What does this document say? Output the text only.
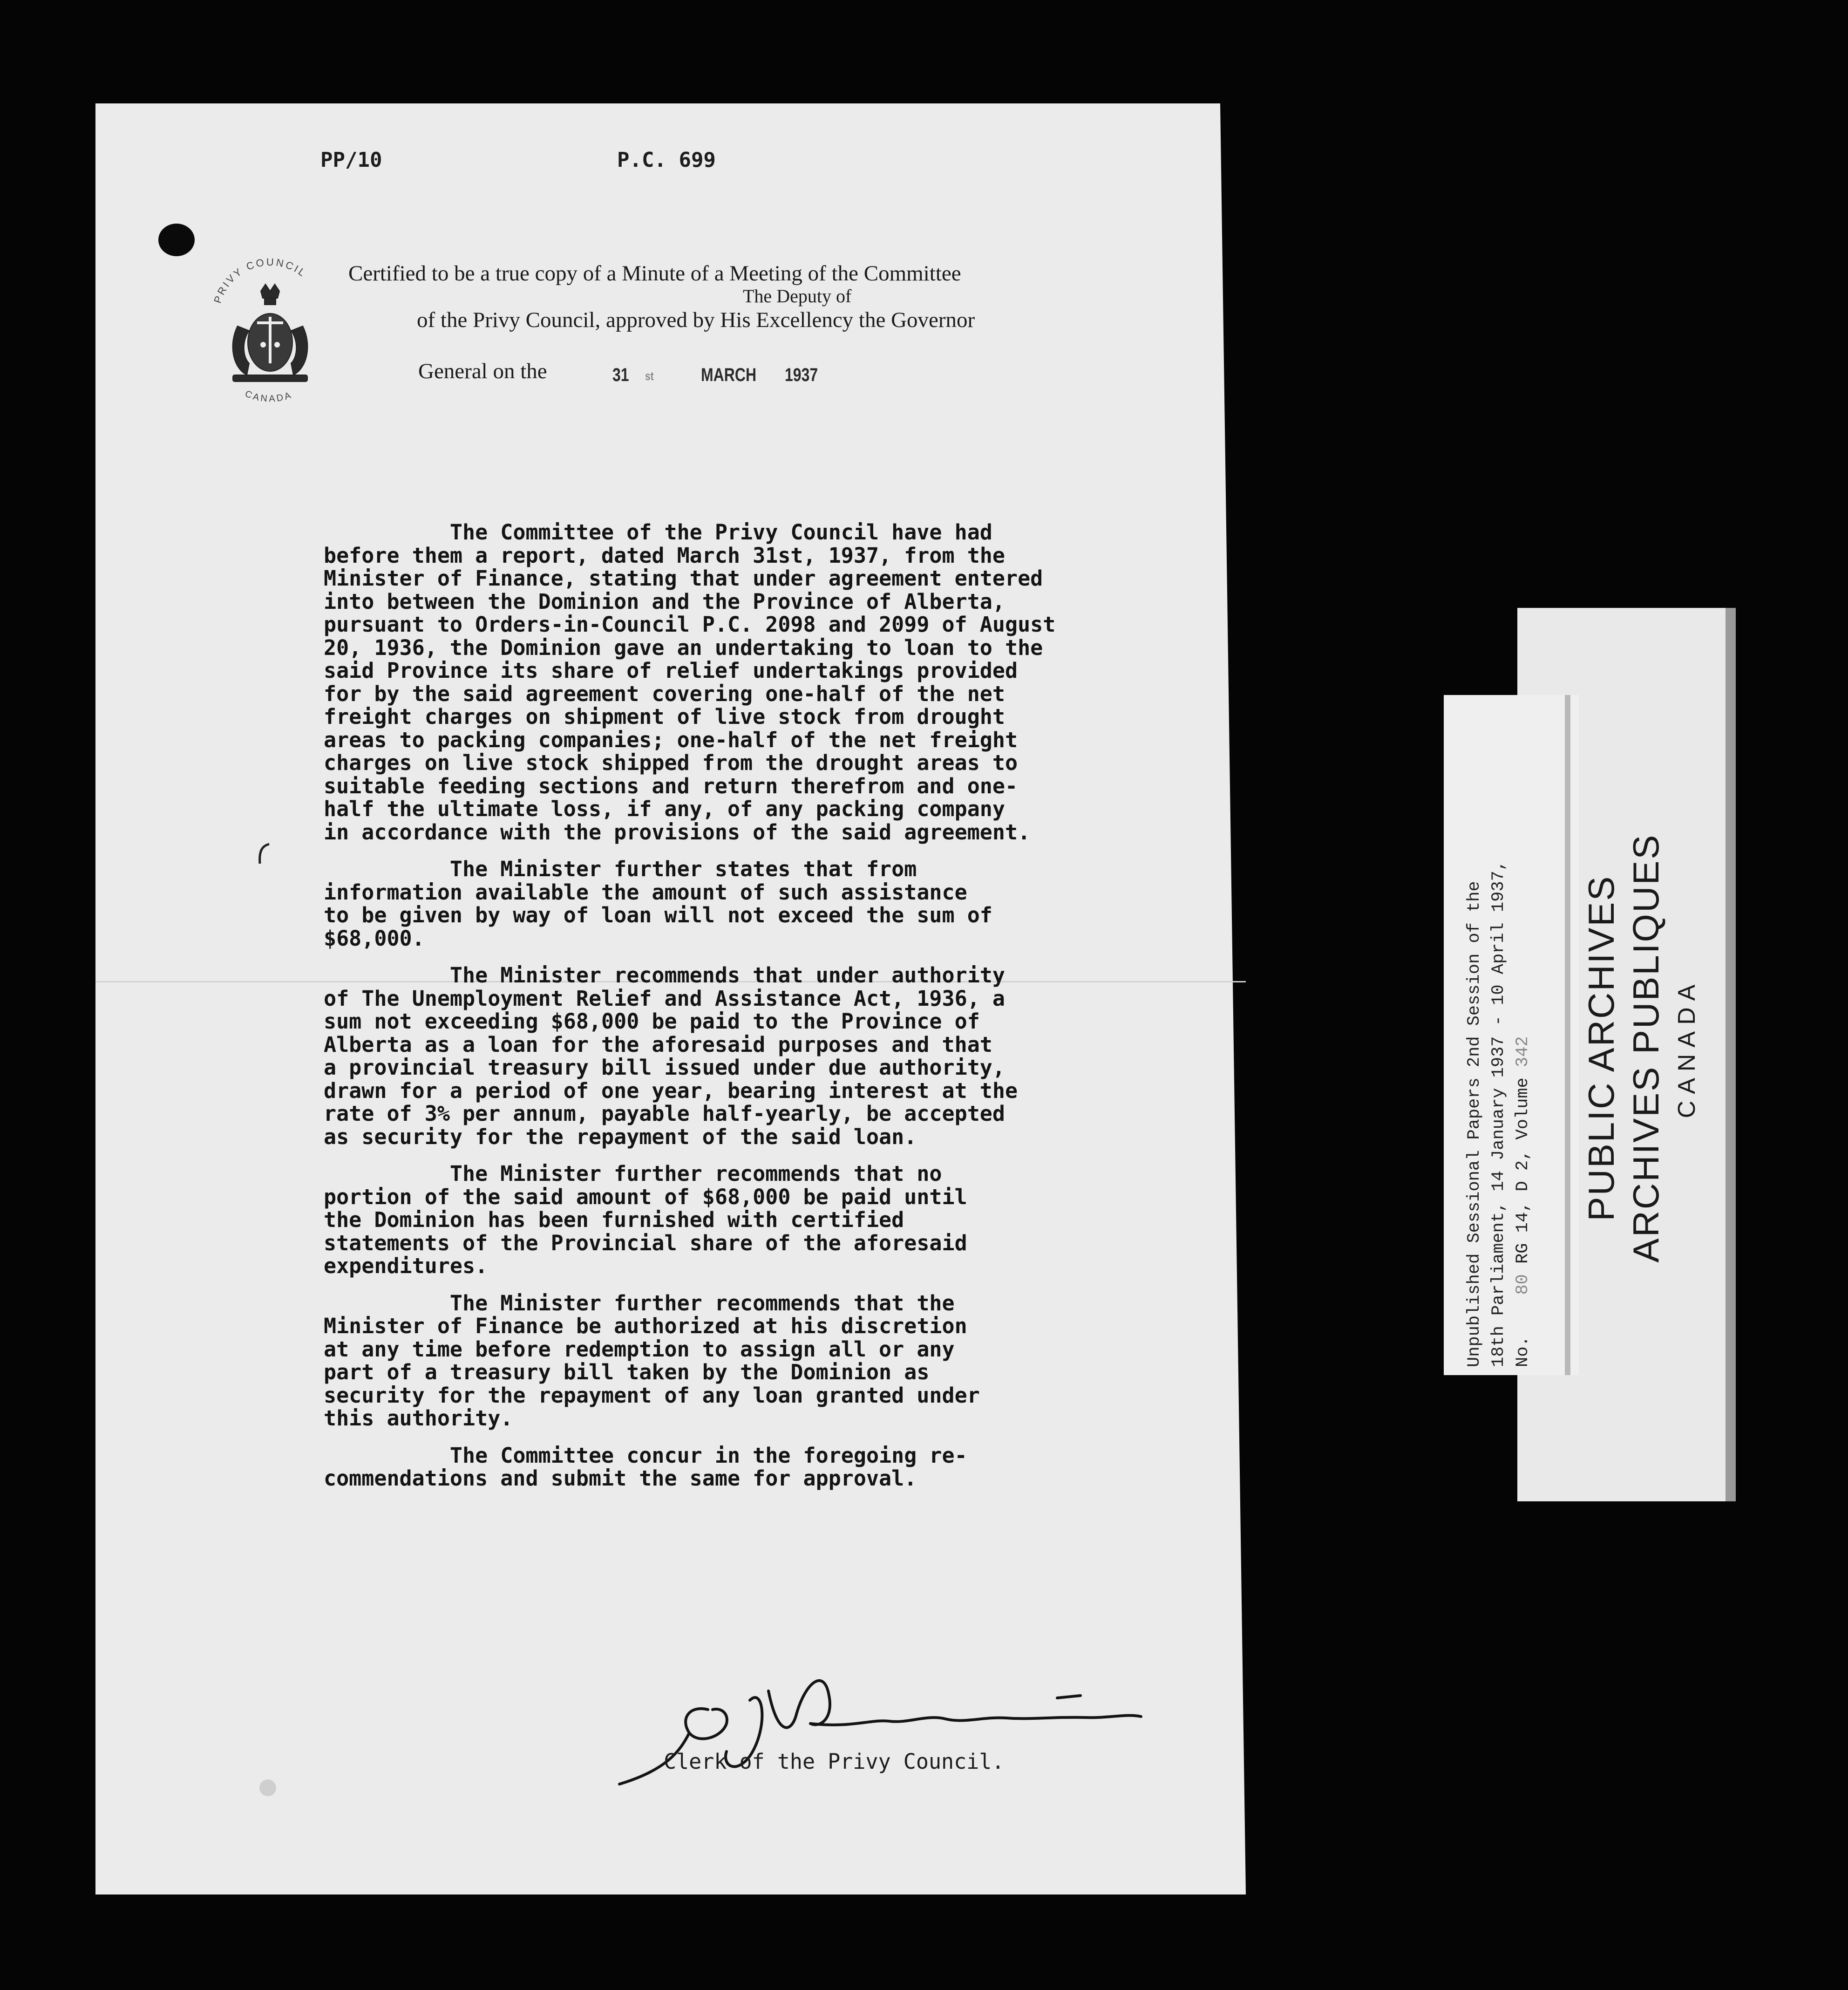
PP/10	P.C. 699
PRIVY COUNCIL
CANADA
Certified to be a true copy of a Minute of a Meeting of the Committee
The Deputy of
of the Privy Council, approved by His Excellency the Governor
General on the	31 st	MARCH 1937
The Committee of the Privy Council have had
before them a report, dated March 31st, 1937, from the
Minister of Finance, stating that under agreement entered
into between the Dominion and the Province of Alberta,
pursuant to Orders-in-Council P.C. 2098 and 2099 of August
20, 1936, the Dominion gave an undertaking to loan to the
said Province its share of relief undertakings provided
for by the said agreement covering one-half of the net
freight charges on shipment of live stock from drought
areas to packing companies; one-half of the net freight
charges on live stock shipped from the drought areas to
suitable feeding sections and return therefrom and one-
half the ultimate loss, if any, of any packing company
in accordance with the provisions of the said agreement.
The Minister further states that from
information available the amount of such assistance
to be given by way of loan will not exceed the sum of
$68,000.
The Minister recommends that under authority
of The Unemployment Relief and Assistance Act, 1936, a
sum not exceeding $68,000 be paid to the Province of
Alberta as a loan for the aforesaid purposes and that
a provincial treasury bill issued under due authority,
drawn for a period of one year, bearing interest at the
rate of 3% per annum, payable half-yearly, be accepted
as security for the repayment of the said loan.
The Minister further recommends that no
portion of the said amount of $68,000 be paid until
the Dominion has been furnished with certified
statements of the Provincial share of the aforesaid
expenditures.
The Minister further recommends that the
Minister of Finance be authorized at his discretion
at any time before redemption to assign all or any
part of a treasury bill taken by the Dominion as
security for the repayment of any loan granted under
this authority.
The Committee concur in the foregoing re-
commendations and submit the same for approval.
Clerk of the Privy Council.
Unpublished Sessional Papers 2nd Session of the 18th Parliament, 14 January 1937 - 10 April 1937, No.    80 RG 14, D 2, Volume 342 PUBLIC ARCHIVES ARCHIVES PUBLIQUES CANADA
